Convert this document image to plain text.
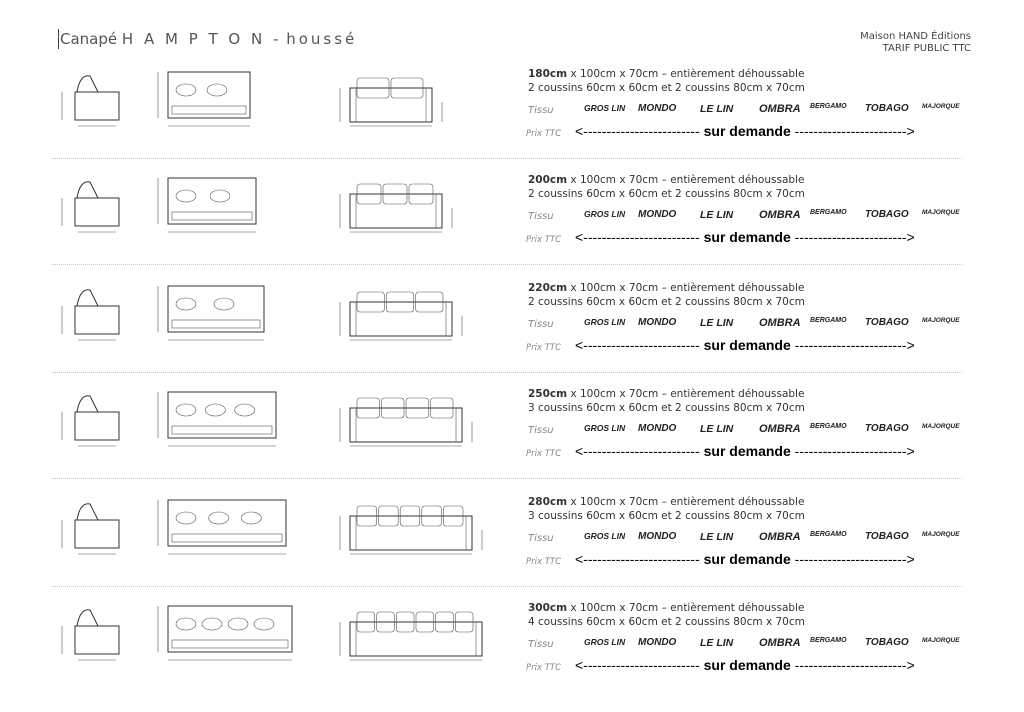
Canapé H A M P T O N - houssé	Maison HAND Éditions
TARIF PUBLIC TTC
180cm x 100cm x 70cm – entièrement déhoussable
2 coussins 60cm x 60cm et 2 coussins 80cm x 70cm
Tissu
Prix TTC
GROS LIN MONDO LE LIN OMBRA BERGAMO TOBAGO MAJORQUE
<------------------------- sur demande ------------------------>
200cm x 100cm x 70cm – entièrement déhoussable
2 coussins 60cm x 60cm et 2 coussins 80cm x 70cm
Tissu
Prix TTC
GROS LIN MONDO LE LIN OMBRA BERGAMO TOBAGO MAJORQUE
<------------------------- sur demande ------------------------>
220cm x 100cm x 70cm – entièrement déhoussable
2 coussins 60cm x 60cm et 2 coussins 80cm x 70cm
Tissu
Prix TTC
GROS LIN MONDO LE LIN OMBRA BERGAMO TOBAGO MAJORQUE
<------------------------- sur demande ------------------------>
250cm x 100cm x 70cm – entièrement déhoussable
3 coussins 60cm x 60cm et 2 coussins 80cm x 70cm
Tissu
Prix TTC
GROS LIN MONDO LE LIN OMBRA BERGAMO TOBAGO MAJORQUE
<------------------------- sur demande ------------------------>
280cm x 100cm x 70cm – entièrement déhoussable
3 coussins 60cm x 60cm et 2 coussins 80cm x 70cm
Tissu
Prix TTC
GROS LIN MONDO LE LIN OMBRA BERGAMO TOBAGO MAJORQUE
<------------------------- sur demande ------------------------>
300cm x 100cm x 70cm – entièrement déhoussable
4 coussins 60cm x 60cm et 2 coussins 80cm x 70cm
Tissu
Prix TTC
GROS LIN MONDO LE LIN OMBRA BERGAMO TOBAGO MAJORQUE
<------------------------- sur demande ------------------------>
